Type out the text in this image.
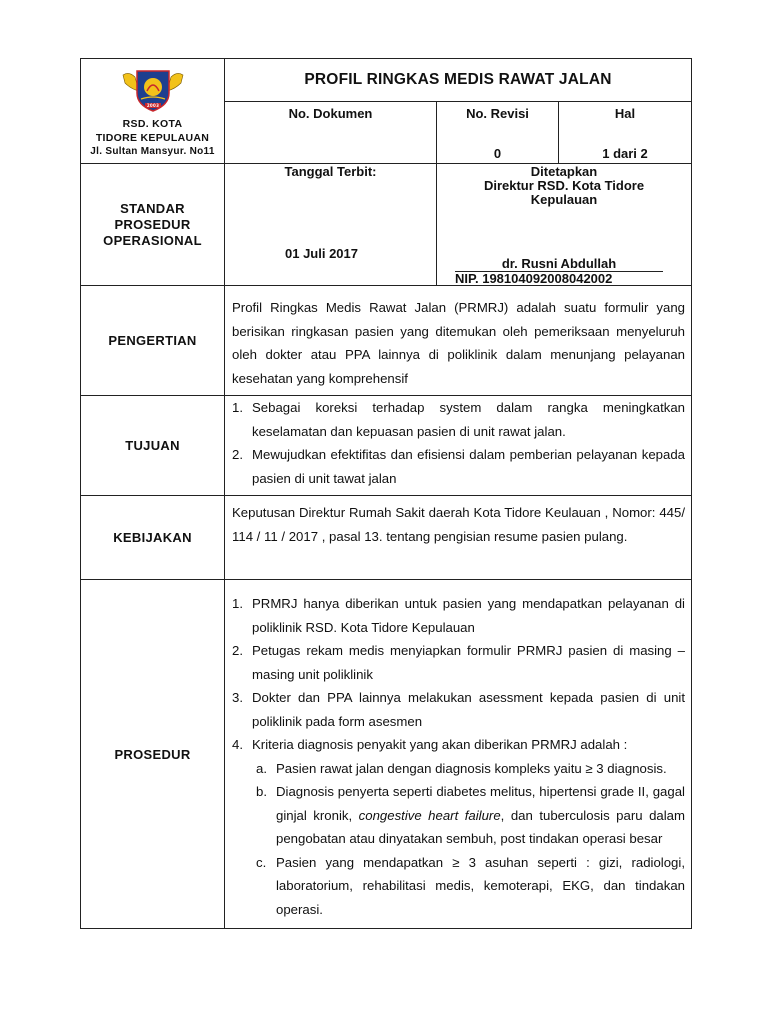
2003
RSD. KOTA
TIDORE KEPULAUAN
Jl. Sultan Mansyur. No11
PROFIL RINGKAS MEDIS RAWAT JALAN
No. Dokumen	No. Revisi
0
Hal
1 dari 2
STANDAR PROSEDUR OPERASIONAL
Tanggal Terbit:
01 Juli 2017
Ditetapkan
Direktur RSD. Kota Tidore
Kepulauan
dr. Rusni Abdullah
NIP. 198104092008042002
PENGERTIAN
Profil Ringkas Medis Rawat Jalan (PRMRJ) adalah suatu formulir yang berisikan ringkasan pasien yang ditemukan oleh pemeriksaan menyeluruh oleh dokter atau PPA lainnya di poliklinik dalam menunjang pelayanan kesehatan yang komprehensif
TUJUAN
1. Sebagai koreksi terhadap system dalam rangka meningkatkan keselamatan dan kepuasan pasien di unit rawat jalan.
2. Mewujudkan efektifitas dan efisiensi dalam pemberian pelayanan kepada pasien di unit tawat jalan
KEBIJAKAN
Keputusan Direktur Rumah Sakit daerah Kota Tidore Keulauan , Nomor: 445/ 114 / 11 / 2017 , pasal 13. tentang pengisian resume pasien pulang.
PROSEDUR
1. PRMRJ hanya diberikan untuk pasien yang mendapatkan pelayanan di poliklinik RSD. Kota Tidore Kepulauan
2. Petugas rekam medis menyiapkan formulir PRMRJ pasien di masing – masing unit poliklinik
3. Dokter dan PPA lainnya melakukan asessment kepada pasien di unit poliklinik pada form asesmen
4. Kriteria diagnosis penyakit yang akan diberikan PRMRJ adalah :
a. Pasien rawat jalan dengan diagnosis kompleks yaitu ≥ 3 diagnosis.
b. Diagnosis penyerta seperti diabetes melitus, hipertensi grade II, gagal ginjal kronik, congestive heart failure, dan tuberculosis paru dalam pengobatan atau dinyatakan sembuh, post tindakan operasi besar
c. Pasien yang mendapatkan ≥ 3 asuhan seperti : gizi, radiologi, laboratorium, rehabilitasi medis, kemoterapi, EKG, dan tindakan operasi.
